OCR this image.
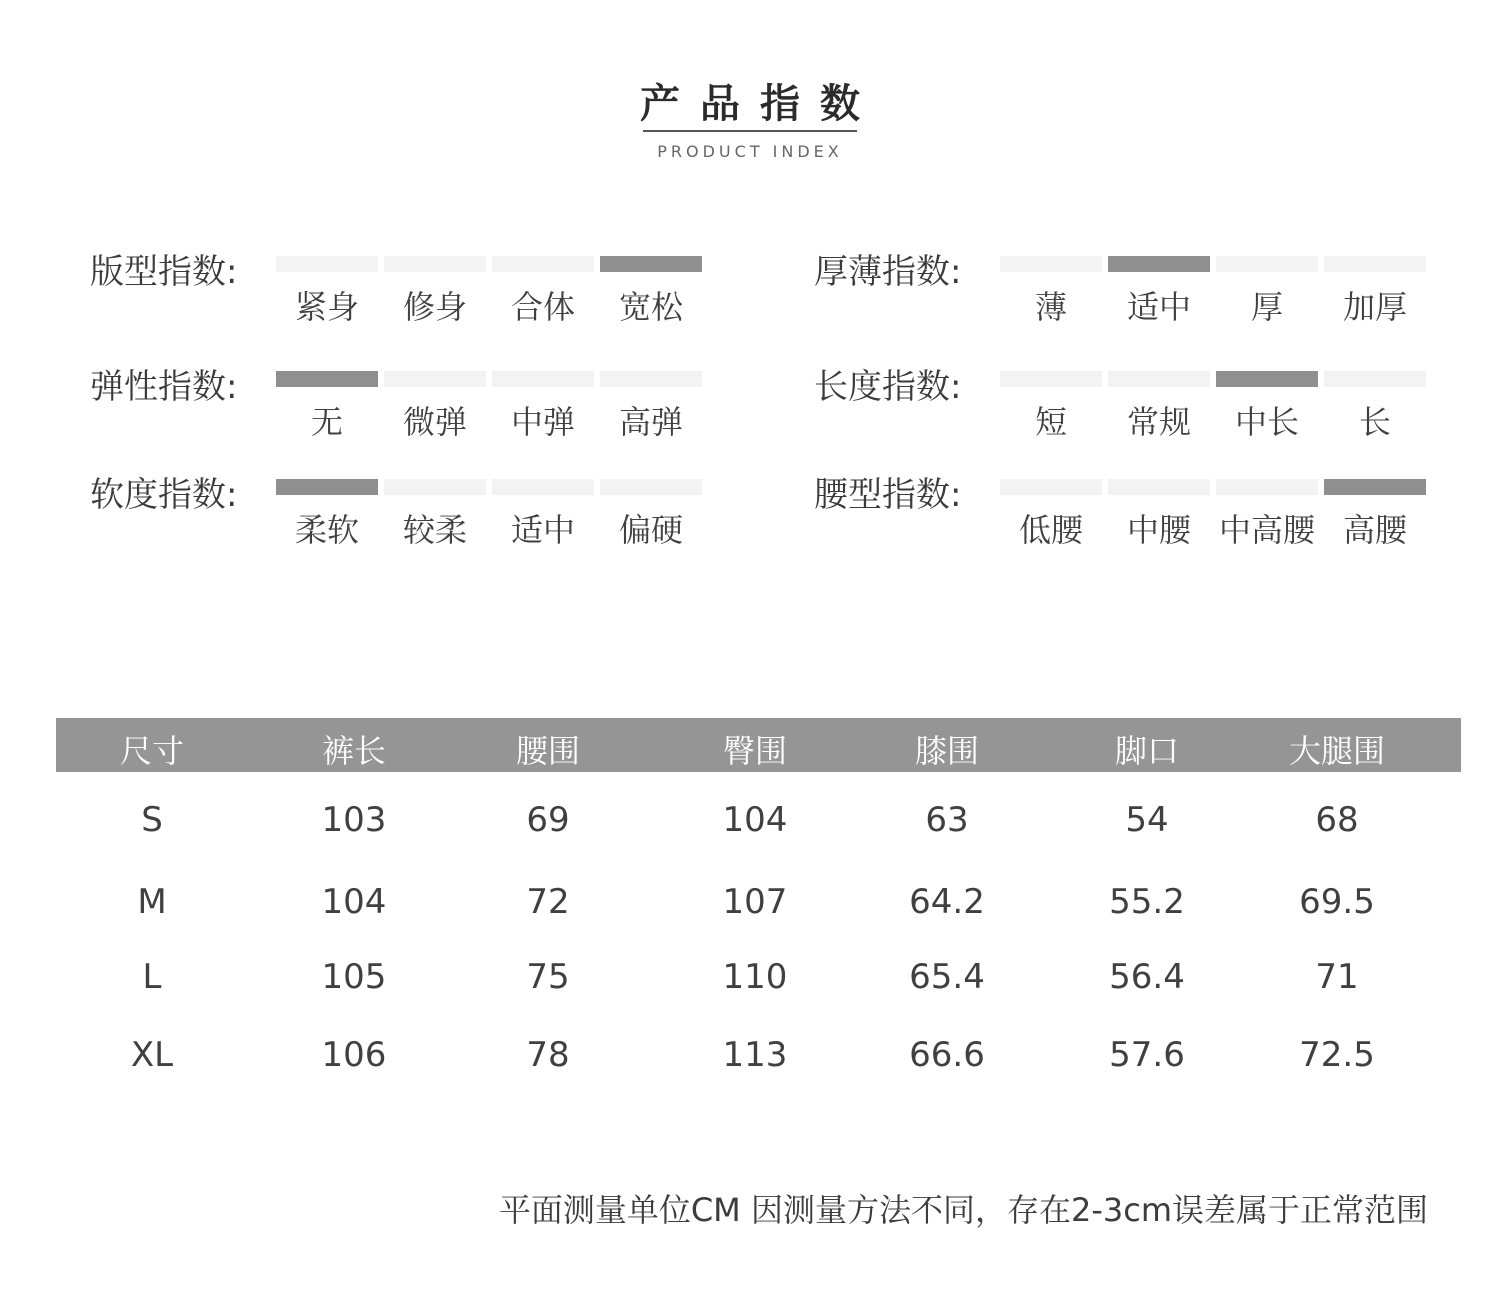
产品指数
PRODUCT INDEX
版型指数:
紧身	修身	合体	宽松
厚薄指数:
薄	适中	厚	加厚
弹性指数:
无	微弹	中弹	高弹
长度指数:
短	常规	中长	长
软度指数:
柔软	较柔	适中	偏硬
腰型指数:
低腰	中腰 中高腰 高腰
尺寸	裤长	腰围	臀围	膝围	脚口	大腿围
S	103	69	104	63	54	68
M	104	72	107	64.2	55.2	69.5
L	105	75	110	65.4	56.4	71
XL	106	78	113	66.6	57.6	72.5
平面测量单位CM 因测量方法不同，存在2-3cm误差属于正常范围
